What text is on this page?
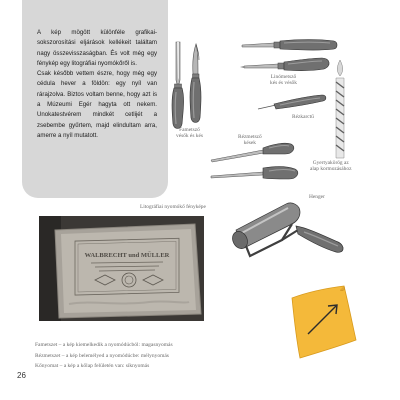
A kép mögött különféle grafikai-sokszorosítási eljárások kellékeit találtam nagy összevisszaságban. És volt még egy fénykép egy litográfiai nyomókőről is.

Csak később vettem észre, hogy még egy cédula hever a földön: egy nyíl van rárajzolva. Biztos voltam benne, hogy azt is a Múzeumi Egér hagyta ott nekem. Unokatestvérem mindkét cetlijét a zsebembe gyűrtem, majd elindultam arra, amerre a nyíl mutatott.

Fametsző
vésők és kés
Linómetsző
kés és vésők
Rézkarctű
Gyertyakörög az
alap kormozásához
Rézmetsző
kések
Henger
Litográfiai nyomókő fényképe
WALBRECHT und MÜLLER
Fametszet – a kép kiemelkedik a nyomódúcból: magasnyomás
Rézmetszet – a kép belemélyed a nyomódúcbe: mélynyomás
Kőnyomat – a kép a kőlap felületén van: síknyomás
26
